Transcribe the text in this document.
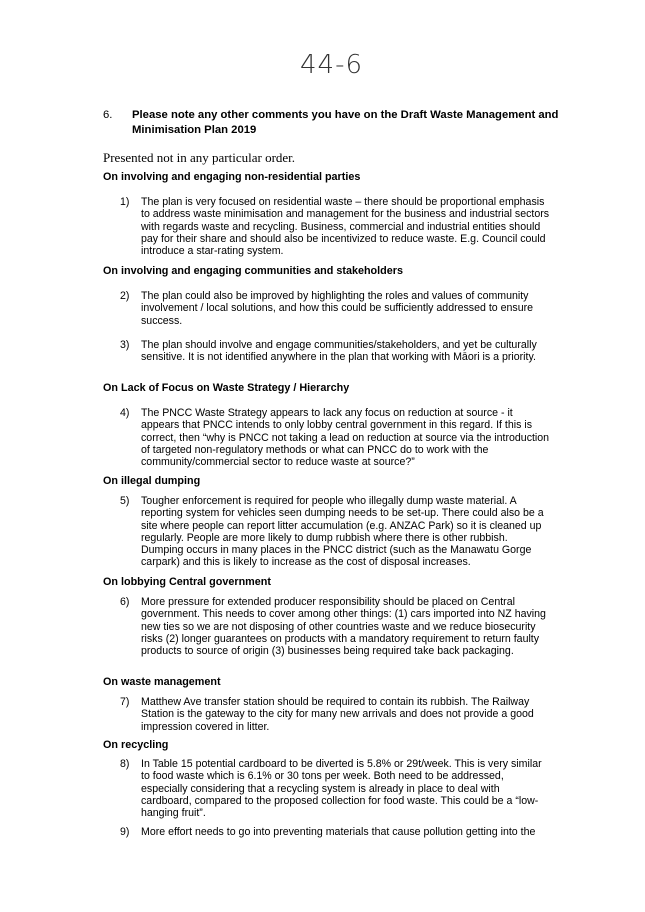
44-6
6. Please note any other comments you have on the Draft Waste Management and Minimisation Plan 2019
Presented not in any particular order.
On involving and engaging non-residential parties
1) The plan is very focused on residential waste – there should be proportional emphasis to address waste minimisation and management for the business and industrial sectors with regards waste and recycling. Business, commercial and industrial entities should pay for their share and should also be incentivized to reduce waste. E.g. Council could introduce a star-rating system.
On involving and engaging communities and stakeholders
2) The plan could also be improved by highlighting the roles and values of community involvement / local solutions, and how this could be sufficiently addressed to ensure success.
3) The plan should involve and engage communities/stakeholders, and yet be culturally sensitive. It is not identified anywhere in the plan that working with Māori is a priority.
On Lack of Focus on Waste Strategy / Hierarchy
4) The PNCC Waste Strategy appears to lack any focus on reduction at source - it appears that PNCC intends to only lobby central government in this regard. If this is correct, then “why is PNCC not taking a lead on reduction at source via the introduction of targeted non-regulatory methods or what can PNCC do to work with the community/commercial sector to reduce waste at source?”
On illegal dumping
5) Tougher enforcement is required for people who illegally dump waste material. A reporting system for vehicles seen dumping needs to be set-up. There could also be a site where people can report litter accumulation (e.g. ANZAC Park) so it is cleaned up regularly. People are more likely to dump rubbish where there is other rubbish. Dumping occurs in many places in the PNCC district (such as the Manawatu Gorge carpark) and this is likely to increase as the cost of disposal increases.
On lobbying Central government
6) More pressure for extended producer responsibility should be placed on Central government. This needs to cover among other things: (1) cars imported into NZ having new ties so we are not disposing of other countries waste and we reduce biosecurity risks (2) longer guarantees on products with a mandatory requirement to return faulty products to source of origin (3) businesses being required take back packaging.
On waste management
7) Matthew Ave transfer station should be required to contain its rubbish. The Railway Station is the gateway to the city for many new arrivals and does not provide a good impression covered in litter.
On recycling
8) In Table 15 potential cardboard to be diverted is 5.8% or 29t/week. This is very similar to food waste which is 6.1% or 30 tons per week. Both need to be addressed, especially considering that a recycling system is already in place to deal with cardboard, compared to the proposed collection for food waste. This could be a “low-hanging fruit”.
9) More effort needs to go into preventing materials that cause pollution getting into the
